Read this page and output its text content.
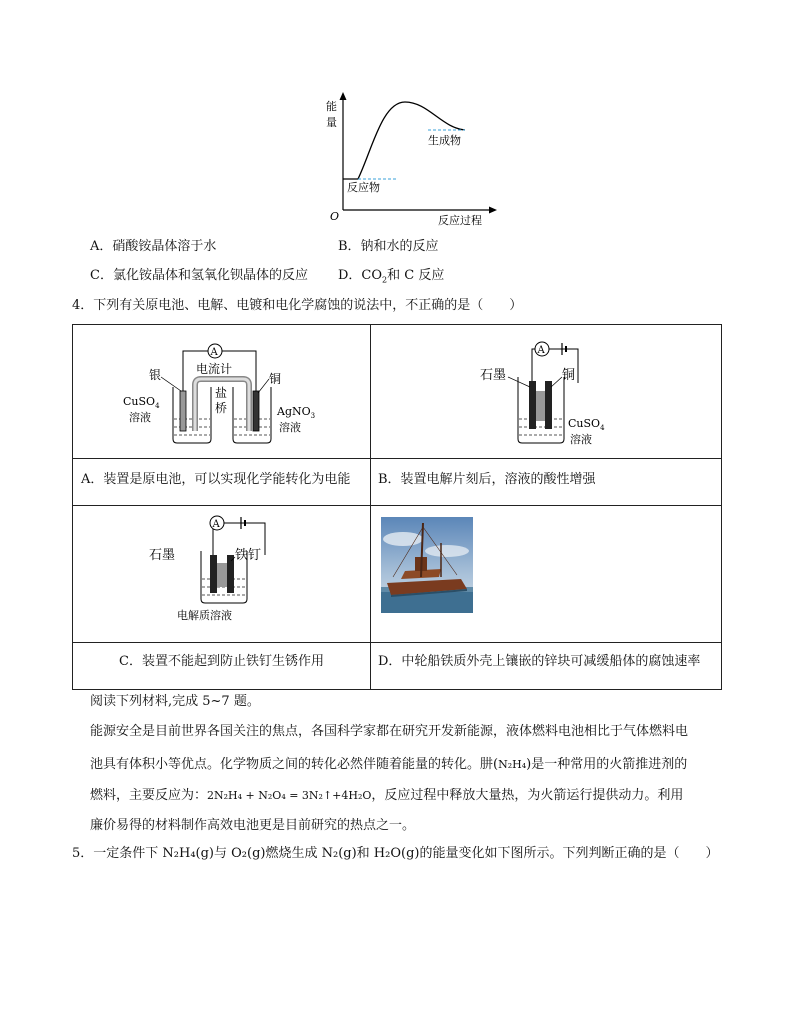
能
量
O	反应过程
反应物
生成物
A．硝酸铵晶体溶于水	B．钠和水的反应
C．氯化铵晶体和氢氧化钡晶体的反应 D．$CO_2$和 C 反应
4．下列有关原电池、电解、电镀和电化学腐蚀的说法中，不正确的是（　　）
A
银	电流计
铜
盐
桥
CuSO$_4$
溶液	AgNO$_3$
溶液
A
石墨	铜
CuSO$_4$
溶液
A．装置是原电池，可以实现化学能转化为电能 B．装置电解片刻后，溶液的酸性增强
A
石墨	铁钉
电解质溶液
C．装置不能起到防止铁钉生锈作用	D．中轮船铁质外壳上镶嵌的锌块可减缓船体的腐蚀速率
阅读下列材料,完成 5~7 题。
能源安全是目前世界各国关注的焦点，各国科学家都在研究开发新能源，液体燃料电池相比于气体燃料电
池具有体积小等优点。化学物质之间的转化必然伴随着能量的转化。肼(N₂H₄)是一种常用的火箭推进剂的
燃料，主要反应为：2N₂H₄ + N₂O₄ = 3N₂↑+4H₂O，反应过程中释放大量热，为火箭运行提供动力。利用
廉价易得的材料制作高效电池更是目前研究的热点之一。
5．一定条件下 N₂H₄(g)与 O₂(g)燃烧生成 N₂(g)和 H₂O(g)的能量变化如下图所示。下列判断正确的是（　　）
